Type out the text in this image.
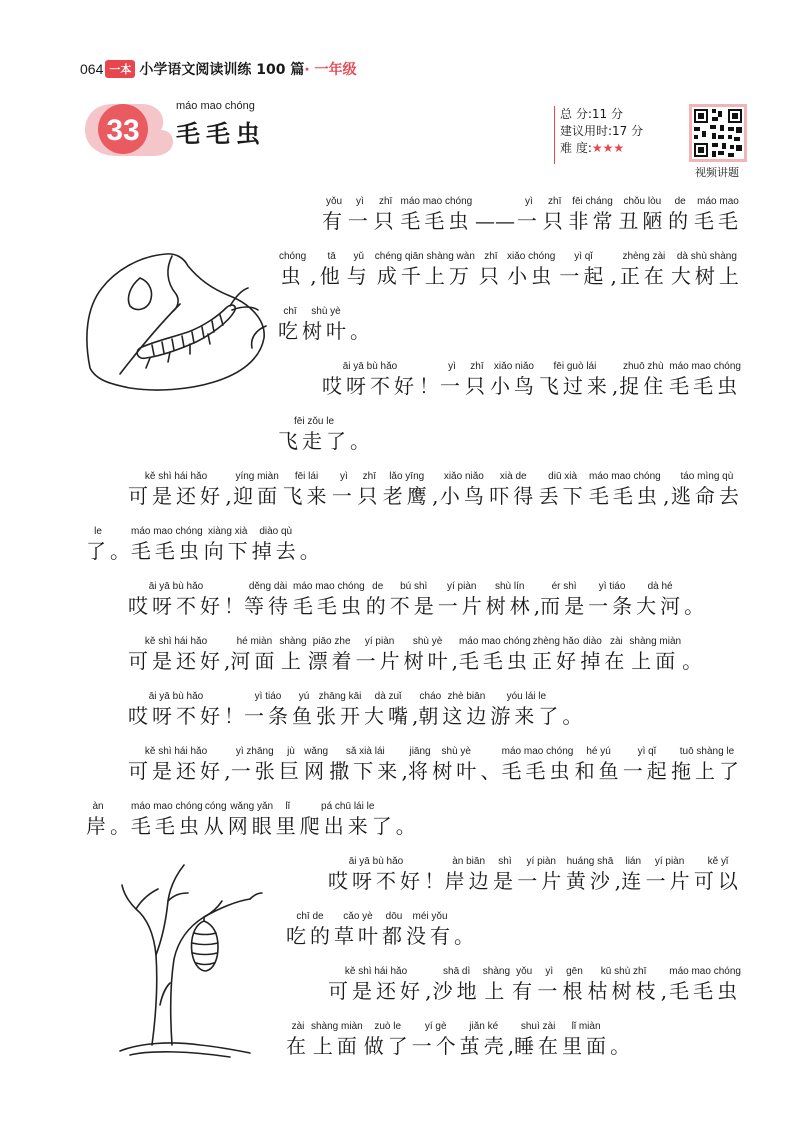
064 一本 小学语文阅读训练 100 篇 · 一年级
33
máo mao chóng
毛毛虫
总 分:11 分
建议用时:17 分
难 度:★★★
视频讲题
yǒu
有
yì
一
zhī
只
máo mao chóng
毛毛虫 ——
yì
一
zhī
只
fēi cháng
非常
chǒu lòu
丑陋
de
的
máo mao
毛毛
chóng
虫 ,
tā
他
yǔ
与
chéng qiān shàng wàn
成千上万
zhī
只
xiǎo chóng
小虫
yì qǐ
一起 ,
zhèng zài
正在
dà shù shàng
大树上
chī
吃
shù yè
树叶 。
āi yā bù hǎo
哎呀不好 ！
yì
一
zhī
只
xiǎo niǎo
小鸟
fēi guò lái
飞过来 ,
zhuō zhù
捉住
máo mao chóng
毛毛虫
fēi zǒu le
飞走了 。
kě shì hái hǎo
可是还好 ,
yíng miàn
迎面
fēi lái
飞来
yì
一
zhī
只
lǎo yīng
老鹰 ,
xiǎo niǎo
小鸟
xià de
吓得
diū xià
丢下
máo mao chóng
毛毛虫 ,
táo mìng qù
逃命去
le
了 。
máo mao chóng
毛毛虫
xiàng xià
向下
diào qù
掉去 。
āi yā bù hǎo
哎呀不好 ！
děng dài
等待
máo mao chóng
毛毛虫
de
的
bú shì
不是
yí piàn
一片
shù lín
树林 ,
ér shì
而是
yì tiáo
一条
dà hé
大河 。
kě shì hái hǎo
可是还好 ,
hé miàn
河面
shàng
上
piāo zhe
漂着
yí piàn
一片
shù yè
树叶 ,
máo mao chóng
毛毛虫
zhèng hǎo
正好
diào
掉
zài
在
shàng miàn
上面 。
āi yā bù hǎo
哎呀不好 ！
yì tiáo
一条
yú
鱼
zhāng kāi
张开
dà zuǐ
大嘴 ,
cháo
朝
zhè biān
这边
yóu lái le
游来了 。
kě shì hái hǎo
可是还好 ,
yì zhāng
一张
jù
巨
wǎng
网
sǎ xià lái
撒下来 ,
jiāng
将
shù yè
树叶 、
máo mao chóng
毛毛虫
hé yú
和鱼
yì qǐ
一起
tuō shàng le
拖上了
àn
岸 。
máo mao chóng
毛毛虫
cóng
从
wǎng yǎn
网眼
lǐ
里
pá chū lái le
爬出来了 。
āi yā bù hǎo
哎呀不好 ！
àn biān
岸边
shì
是
yí piàn
一片
huáng shā
黄沙 ,
lián
连
yí piàn
一片
kě yǐ
可以
chī de
吃的
cǎo yè
草叶
dōu
都
méi yǒu
没有 。
kě shì hái hǎo
可是还好 ,
shā dì
沙地
shàng
上
yǒu
有
yì
一
gēn
根
kū shù zhī
枯树枝 ,
máo mao chóng
毛毛虫
zài
在
shàng miàn
上面
zuò le
做了
yí gè
一个
jiǎn ké
茧壳 ,
shuì zài
睡在
lǐ miàn
里面 。
